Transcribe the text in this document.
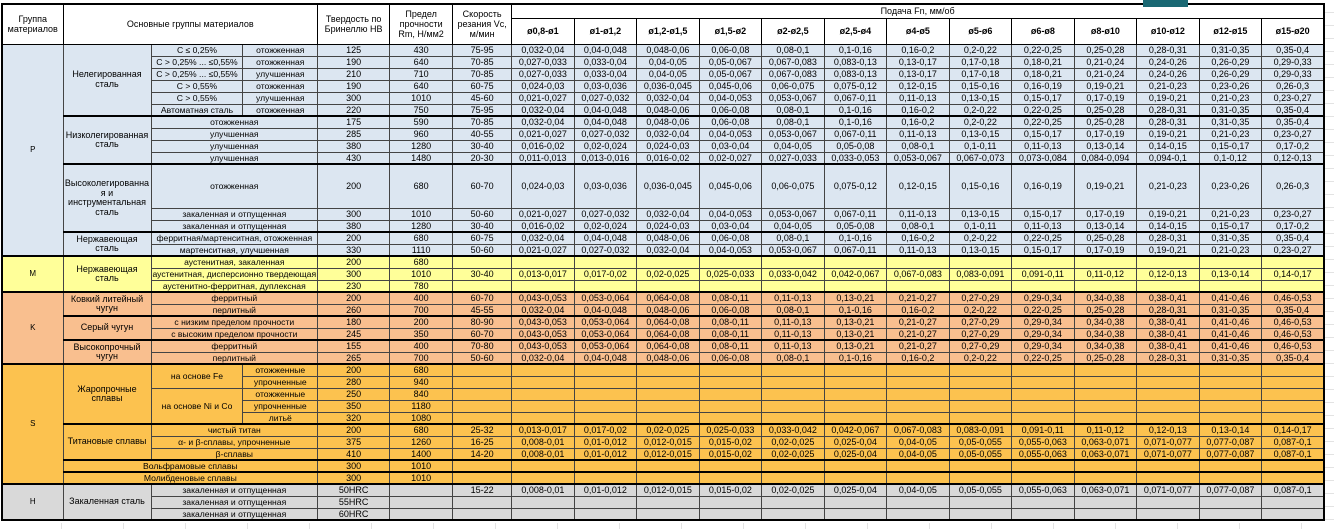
Группа материалов	Основные группы материалов			Твердость по Бринеллю HB	Предел прочности Rm, Н/мм2	Скорость резания Vc, м/мин	Подача Fn, мм/об												
							ø0,8-ø1	ø1-ø1,2	ø1,2-ø1,5	ø1,5-ø2	ø2-ø2,5	ø2,5-ø4	ø4-ø5	ø5-ø6	ø6-ø8	ø8-ø10	ø10-ø12	ø12-ø15	ø15-ø20
P	Нелегированная сталь	C ≤ 0,25%	отожженная	125	430	75-95	0,032-0,04	0,04-0,048	0,048-0,06	0,06-0,08	0,08-0,1	0,1-0,16	0,16-0,2	0,2-0,22	0,22-0,25	0,25-0,28	0,28-0,31	0,31-0,35	0,35-0,4
		C > 0,25% ... ≤0,55%	отожженная	190	640	70-85	0,027-0,033	0,033-0,04	0,04-0,05	0,05-0,067	0,067-0,083	0,083-0,13	0,13-0,17	0,17-0,18	0,18-0,21	0,21-0,24	0,24-0,26	0,26-0,29	0,29-0,33
		C > 0,25% ... ≤0,55%	улучшенная	210	710	70-85	0,027-0,033	0,033-0,04	0,04-0,05	0,05-0,067	0,067-0,083	0,083-0,13	0,13-0,17	0,17-0,18	0,18-0,21	0,21-0,24	0,24-0,26	0,26-0,29	0,29-0,33
		C > 0,55%	отожженная	190	640	60-75	0,024-0,03	0,03-0,036	0,036-0,045	0,045-0,06	0,06-0,075	0,075-0,12	0,12-0,15	0,15-0,16	0,16-0,19	0,19-0,21	0,21-0,23	0,23-0,26	0,26-0,3
		C > 0,55%	улучшенная	300	1010	45-60	0,021-0,027	0,027-0,032	0,032-0,04	0,04-0,053	0,053-0,067	0,067-0,11	0,11-0,13	0,13-0,15	0,15-0,17	0,17-0,19	0,19-0,21	0,21-0,23	0,23-0,27
		Автоматная сталь	отожженная	220	750	75-95	0,032-0,04	0,04-0,048	0,048-0,06	0,06-0,08	0,08-0,1	0,1-0,16	0,16-0,2	0,2-0,22	0,22-0,25	0,25-0,28	0,28-0,31	0,31-0,35	0,35-0,4
	Низколегированная сталь	отожженная		175	590	70-85	0,032-0,04	0,04-0,048	0,048-0,06	0,06-0,08	0,08-0,1	0,1-0,16	0,16-0,2	0,2-0,22	0,22-0,25	0,25-0,28	0,28-0,31	0,31-0,35	0,35-0,4
		улучшенная		285	960	40-55	0,021-0,027	0,027-0,032	0,032-0,04	0,04-0,053	0,053-0,067	0,067-0,11	0,11-0,13	0,13-0,15	0,15-0,17	0,17-0,19	0,19-0,21	0,21-0,23	0,23-0,27
		улучшенная		380	1280	30-40	0,016-0,02	0,02-0,024	0,024-0,03	0,03-0,04	0,04-0,05	0,05-0,08	0,08-0,1	0,1-0,11	0,11-0,13	0,13-0,14	0,14-0,15	0,15-0,17	0,17-0,2
		улучшенная		430	1480	20-30	0,011-0,013	0,013-0,016	0,016-0,02	0,02-0,027	0,027-0,033	0,033-0,053	0,053-0,067	0,067-0,073	0,073-0,084	0,084-0,094	0,094-0,1	0,1-0,12	0,12-0,13
	Высоколегированная и инструментальная сталь	отожженная		200	680	60-70	0,024-0,03	0,03-0,036	0,036-0,045	0,045-0,06	0,06-0,075	0,075-0,12	0,12-0,15	0,15-0,16	0,16-0,19	0,19-0,21	0,21-0,23	0,23-0,26	0,26-0,3
		закаленная и отпущенная		300	1010	50-60	0,021-0,027	0,027-0,032	0,032-0,04	0,04-0,053	0,053-0,067	0,067-0,11	0,11-0,13	0,13-0,15	0,15-0,17	0,17-0,19	0,19-0,21	0,21-0,23	0,23-0,27
		закаленная и отпущенная		380	1280	30-40	0,016-0,02	0,02-0,024	0,024-0,03	0,03-0,04	0,04-0,05	0,05-0,08	0,08-0,1	0,1-0,11	0,11-0,13	0,13-0,14	0,14-0,15	0,15-0,17	0,17-0,2
	Нержавеющая сталь	ферритная/мартенситная, отожженная		200	680	60-75	0,032-0,04	0,04-0,048	0,048-0,06	0,06-0,08	0,08-0,1	0,1-0,16	0,16-0,2	0,2-0,22	0,22-0,25	0,25-0,28	0,28-0,31	0,31-0,35	0,35-0,4
		мартенситная, улучшенная		330	1110	50-60	0,021-0,027	0,027-0,032	0,032-0,04	0,04-0,053	0,053-0,067	0,067-0,11	0,11-0,13	0,13-0,15	0,15-0,17	0,17-0,19	0,19-0,21	0,21-0,23	0,23-0,27
M	Нержавеющая сталь	аустенитная, закаленная		200	680														
		аустенитная, дисперсионно твердеющая		300	1010	30-40	0,013-0,017	0,017-0,02	0,02-0,025	0,025-0,033	0,033-0,042	0,042-0,067	0,067-0,083	0,083-0,091	0,091-0,11	0,11-0,12	0,12-0,13	0,13-0,14	0,14-0,17
		аустенитно-ферритная, дуплексная		230	780														
K	Ковкий литейный чугун	ферритный		200	400	60-70	0,043-0,053	0,053-0,064	0,064-0,08	0,08-0,11	0,11-0,13	0,13-0,21	0,21-0,27	0,27-0,29	0,29-0,34	0,34-0,38	0,38-0,41	0,41-0,46	0,46-0,53
		перлитный		260	700	45-55	0,032-0,04	0,04-0,048	0,048-0,06	0,06-0,08	0,08-0,1	0,1-0,16	0,16-0,2	0,2-0,22	0,22-0,25	0,25-0,28	0,28-0,31	0,31-0,35	0,35-0,4
	Серый чугун	с низким пределом прочности		180	200	80-90	0,043-0,053	0,053-0,064	0,064-0,08	0,08-0,11	0,11-0,13	0,13-0,21	0,21-0,27	0,27-0,29	0,29-0,34	0,34-0,38	0,38-0,41	0,41-0,46	0,46-0,53
		с высоким пределом прочности		245	350	60-70	0,043-0,053	0,053-0,064	0,064-0,08	0,08-0,11	0,11-0,13	0,13-0,21	0,21-0,27	0,27-0,29	0,29-0,34	0,34-0,38	0,38-0,41	0,41-0,46	0,46-0,53
	Высокопрочный чугун	ферритный		155	400	70-80	0,043-0,053	0,053-0,064	0,064-0,08	0,08-0,11	0,11-0,13	0,13-0,21	0,21-0,27	0,27-0,29	0,29-0,34	0,34-0,38	0,38-0,41	0,41-0,46	0,46-0,53
		перлитный		265	700	50-60	0,032-0,04	0,04-0,048	0,048-0,06	0,06-0,08	0,08-0,1	0,1-0,16	0,16-0,2	0,2-0,22	0,22-0,25	0,25-0,28	0,28-0,31	0,31-0,35	0,35-0,4
S	Жаропрочные сплавы	на основе Fe	отожженные	200	680														
			упрочненные	280	940														
		на основе Ni и Co	отожженные	250	840														
			упрочненные	350	1180														
			литьё	320	1080														
	Титановые сплавы	чистый титан		200	680	25-32	0,013-0,017	0,017-0,02	0,02-0,025	0,025-0,033	0,033-0,042	0,042-0,067	0,067-0,083	0,083-0,091	0,091-0,11	0,11-0,12	0,12-0,13	0,13-0,14	0,14-0,17
		α- и β-сплавы, упрочненные		375	1260	16-25	0,008-0,01	0,01-0,012	0,012-0,015	0,015-0,02	0,02-0,025	0,025-0,04	0,04-0,05	0,05-0,055	0,055-0,063	0,063-0,071	0,071-0,077	0,077-0,087	0,087-0,1
		β-сплавы		410	1400	14-20	0,008-0,01	0,01-0,012	0,012-0,015	0,015-0,02	0,02-0,025	0,025-0,04	0,04-0,05	0,05-0,055	0,055-0,063	0,063-0,071	0,071-0,077	0,077-0,087	0,087-0,1
	Вольфрамовые сплавы			300	1010														
	Молибденовые сплавы			300	1010														
H	Закаленная сталь	закаленная и отпущенная		50HRC		15-22	0,008-0,01	0,01-0,012	0,012-0,015	0,015-0,02	0,02-0,025	0,025-0,04	0,04-0,05	0,05-0,055	0,055-0,063	0,063-0,071	0,071-0,077	0,077-0,087	0,087-0,1
		закаленная и отпущенная		55HRC															
		закаленная и отпущенная		60HRC															
